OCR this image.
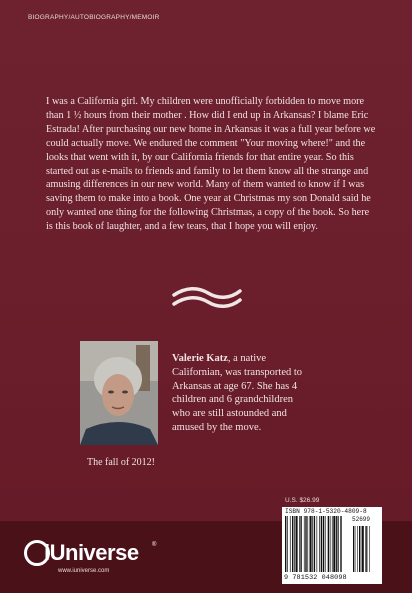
BIOGRAPHY/AUTOBIOGRAPHY/MEMOIR

I was a California girl. My children were unofficially forbidden to move more than 1 ½ hours from their mother . How did I end up in Arkansas? I blame Eric Estrada! After purchasing our new home in Arkansas it was a full year before we could actually move. We endured the comment "Your moving where!" and the looks that went with it, by our California friends for that entire year. So this started out as e-mails to friends and family to let them know all the strange and amusing differences in our new world. Many of them wanted to know if I was saving them to make into a book. One year at Christmas my son Donald said he only wanted one thing for the following Christmas, a copy of the book. So here is this book of laughter, and a few tears, that I hope you will enjoy.

The fall of 2012!

Valerie Katz, a native Californian, was transported to Arkansas at age 67. She has 4 children and 6 grandchildren who are still astounded and amused by the move.

U.S. $26.99
ISBN 978-1-5320-4809-8
52699
9 781532 048098
iUniverse ®
www.iuniverse.com
